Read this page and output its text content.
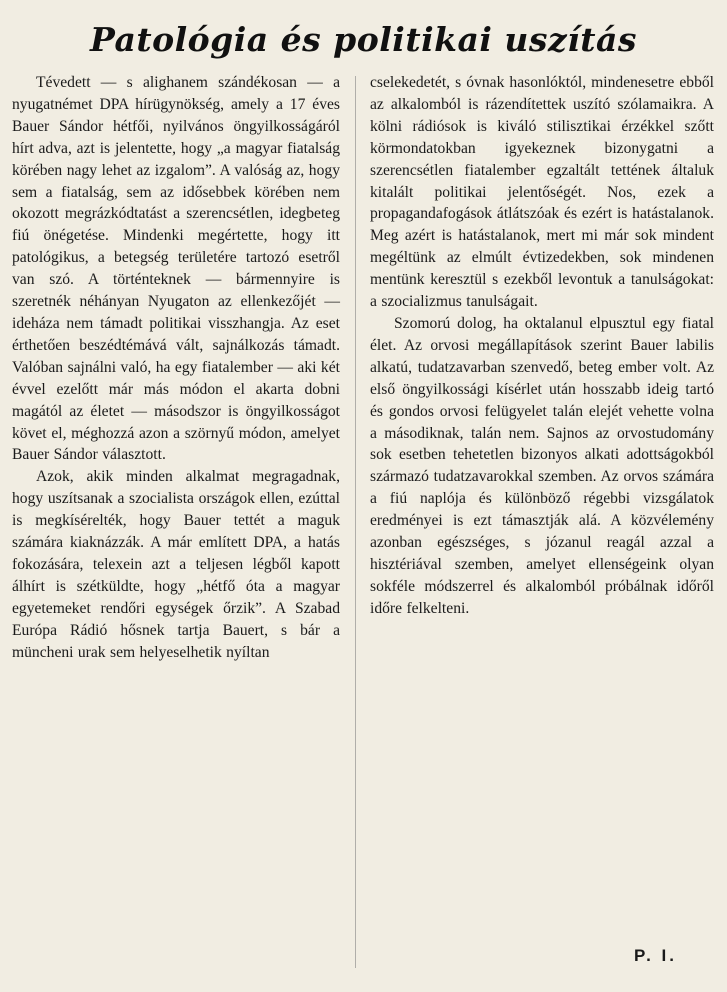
Patológia és politikai uszítás

Tévedett — s alighanem szándékosan — a nyugatnémet DPA hírügynökség, amely a 17 éves Bauer Sándor hétfői, nyilvános öngyilkosságáról hírt adva, azt is jelentette, hogy „a magyar fiatalság körében nagy lehet az izgalom”. A valóság az, hogy sem a fiatalság, sem az idősebbek körében nem okozott megrázkódtatást a szerencsétlen, idegbeteg fiú önégetése. Mindenki megértette, hogy itt patológikus, a betegség területére tartozó esetről van szó. A történteknek — bármennyire is szeretnék néhányan Nyugaton az ellenkezőjét — ideháza nem támadt politikai visszhangja. Az eset érthetően beszédtémává vált, sajnálkozás támadt. Valóban sajnálni való, ha egy fiatalember — aki két évvel ezelőtt már más módon el akarta dobni magától az életet — másodszor is öngyilkosságot követ el, méghozzá azon a szörnyű módon, amelyet Bauer Sándor választott.

Azok, akik minden alkalmat megragadnak, hogy uszítsanak a szocialista országok ellen, ezúttal is megkísérelték, hogy Bauer tettét a maguk számára kiaknázzák. A már említett DPA, a hatás fokozására, telexein azt a teljesen légből kapott álhírt is szétküldte, hogy „hétfő óta a magyar egyetemeket rendőri egységek őrzik”. A Szabad Európa Rádió hősnek tartja Bauert, s bár a müncheni urak sem helyeselhetik nyíltan

cselekedetét, s óvnak hasonlóktól, mindenesetre ebből az alkalomból is rázendítettek uszító szólamaikra. A kölni rádiósok is kiváló stilisztikai érzékkel szőtt körmondatokban igyekeznek bizonygatni a szerencsétlen fiatalember egzaltált tettének általuk kitalált politikai jelentőségét. Nos, ezek a propagandafogások átlátszóak és ezért is hatástalanok. Meg azért is hatástalanok, mert mi már sok mindent megéltünk az elmúlt évtizedekben, sok mindenen mentünk keresztül s ezekből levontuk a tanulságokat: a szocializmus tanulságait.

Szomorú dolog, ha oktalanul elpusztul egy fiatal élet. Az orvosi megállapítások szerint Bauer labilis alkatú, tudatzavarban szenvedő, beteg ember volt. Az első öngyilkossági kísérlet után hosszabb ideig tartó és gondos orvosi felügyelet talán elejét vehette volna a másodiknak, talán nem. Sajnos az orvostudomány sok esetben tehetetlen bizonyos alkati adottságokból származó tudatzavarokkal szemben. Az orvos számára a fiú naplója és különböző régebbi vizsgálatok eredményei is ezt támasztják alá. A közvélemény azonban egészséges, s józanul reagál azzal a hisztériával szemben, amelyet ellenségeink olyan sokféle módszerrel és alkalomból próbálnak időről időre felkelteni.

P. I.
